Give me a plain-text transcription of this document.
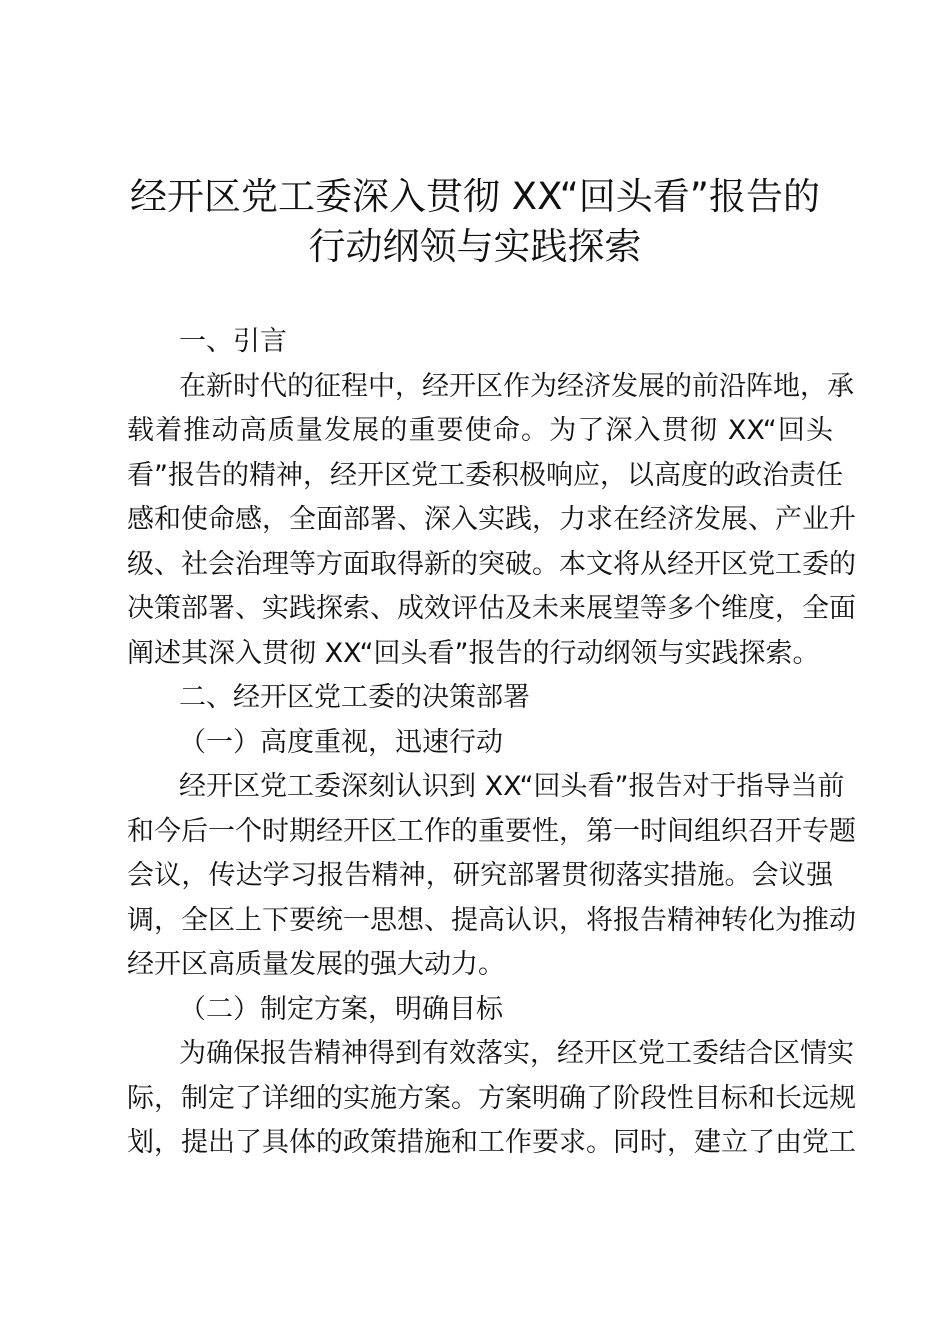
经开区党工委深入贯彻 XX“回头看”报告的
行动纲领与实践探索

一、引言

在新时代的征程中，经开区作为经济发展的前沿阵地，承

载着推动高质量发展的重要使命。为了深入贯彻 XX“回头

看”报告的精神，经开区党工委积极响应，以高度的政治责任

感和使命感，全面部署、深入实践，力求在经济发展、产业升

级、社会治理等方面取得新的突破。本文将从经开区党工委的

决策部署、实践探索、成效评估及未来展望等多个维度，全面

阐述其深入贯彻 XX“回头看”报告的行动纲领与实践探索。

二、经开区党工委的决策部署

（一）高度重视，迅速行动

经开区党工委深刻认识到 XX“回头看”报告对于指导当前

和今后一个时期经开区工作的重要性，第一时间组织召开专题

会议，传达学习报告精神，研究部署贯彻落实措施。会议强

调，全区上下要统一思想、提高认识，将报告精神转化为推动

经开区高质量发展的强大动力。

（二）制定方案，明确目标

为确保报告精神得到有效落实，经开区党工委结合区情实

际，制定了详细的实施方案。方案明确了阶段性目标和长远规

划，提出了具体的政策措施和工作要求。同时，建立了由党工
